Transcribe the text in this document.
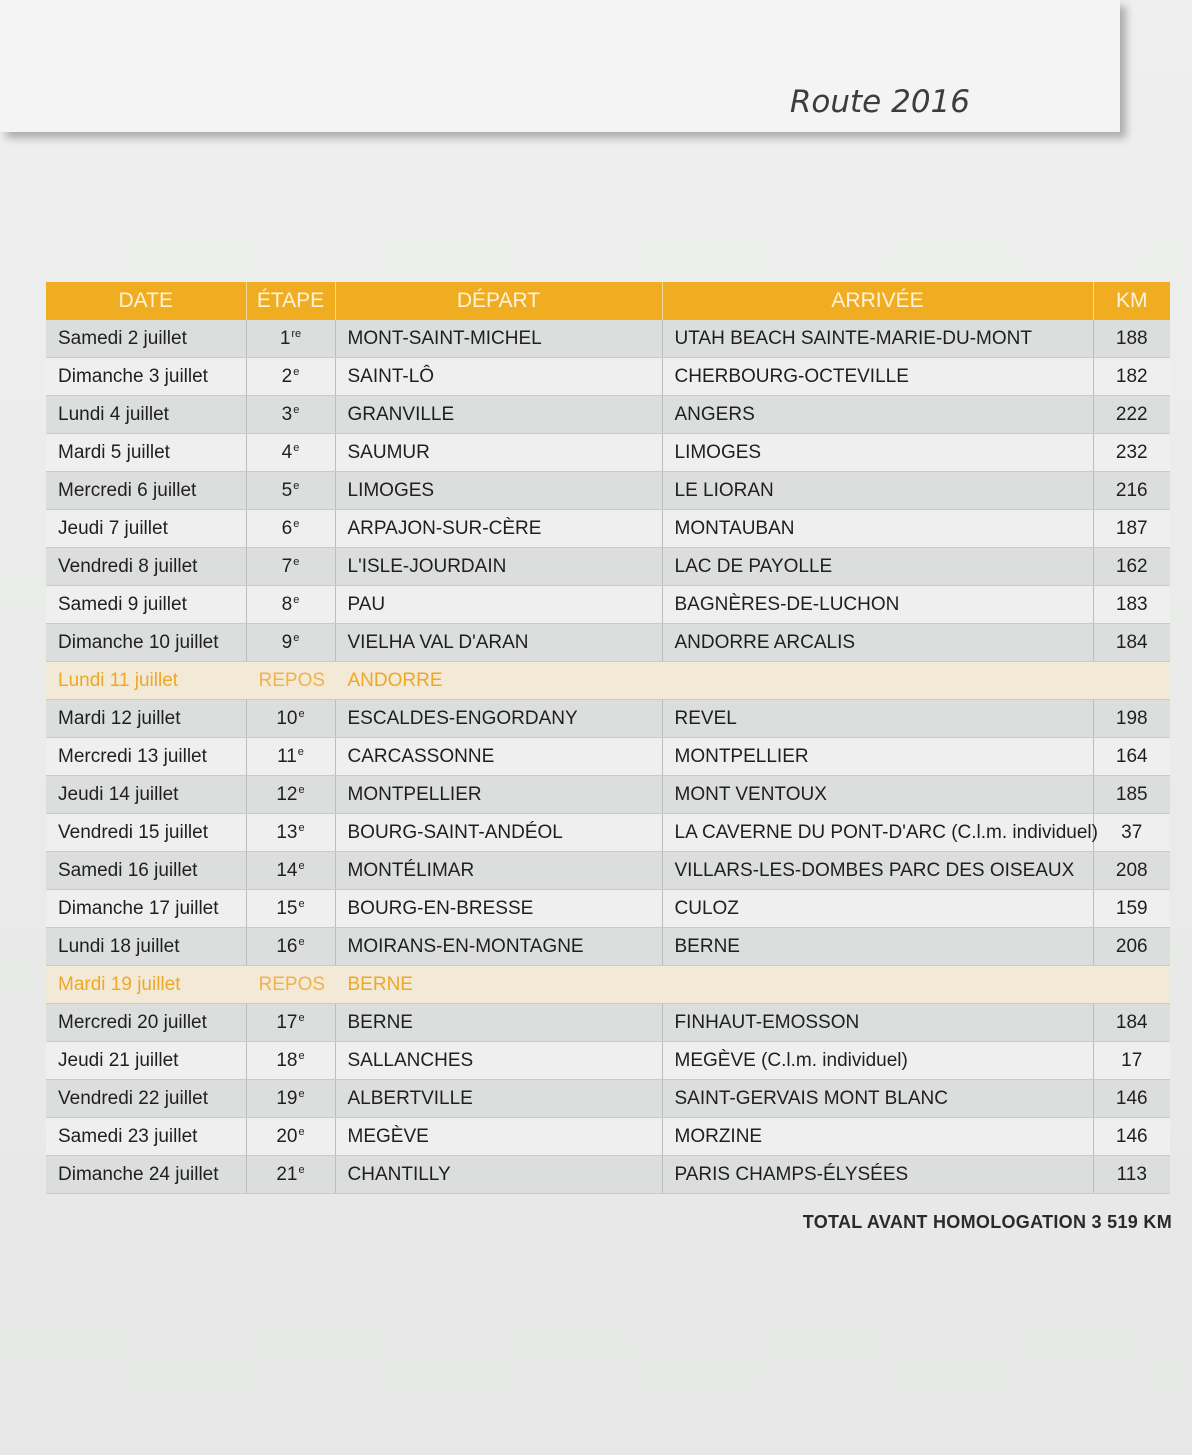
Route 2016
DATE	ÉTAPE	DÉPART	ARRIVÉE	KM
Samedi 2 juillet	1re	MONT-SAINT-MICHEL	UTAH BEACH SAINTE-MARIE-DU-MONT	188
Dimanche 3 juillet	2e	SAINT-LÔ	CHERBOURG-OCTEVILLE	182
Lundi 4 juillet	3e	GRANVILLE	ANGERS	222
Mardi 5 juillet	4e	SAUMUR	LIMOGES	232
Mercredi 6 juillet	5e	LIMOGES	LE LIORAN	216
Jeudi 7 juillet	6e	ARPAJON-SUR-CÈRE	MONTAUBAN	187
Vendredi 8 juillet	7e	L'ISLE-JOURDAIN	LAC DE PAYOLLE	162
Samedi 9 juillet	8e	PAU	BAGNÈRES-DE-LUCHON	183
Dimanche 10 juillet	9e	VIELHA VAL D'ARAN	ANDORRE ARCALIS	184
Lundi 11 juillet	REPOS	ANDORRE		
Mardi 12 juillet	10e	ESCALDES-ENGORDANY	REVEL	198
Mercredi 13 juillet	11e	CARCASSONNE	MONTPELLIER	164
Jeudi 14 juillet	12e	MONTPELLIER	MONT VENTOUX	185
Vendredi 15 juillet	13e	BOURG-SAINT-ANDÉOL	LA CAVERNE DU PONT-D'ARC (C.l.m. individuel)	37
Samedi 16 juillet	14e	MONTÉLIMAR	VILLARS-LES-DOMBES PARC DES OISEAUX	208
Dimanche 17 juillet	15e	BOURG-EN-BRESSE	CULOZ	159
Lundi 18 juillet	16e	MOIRANS-EN-MONTAGNE	BERNE	206
Mardi 19 juillet	REPOS	BERNE		
Mercredi 20 juillet	17e	BERNE	FINHAUT-EMOSSON	184
Jeudi 21 juillet	18e	SALLANCHES	MEGÈVE (C.l.m. individuel)	17
Vendredi 22 juillet	19e	ALBERTVILLE	SAINT-GERVAIS MONT BLANC	146
Samedi 23 juillet	20e	MEGÈVE	MORZINE	146
Dimanche 24 juillet	21e	CHANTILLY	PARIS CHAMPS-ÉLYSÉES	113
TOTAL AVANT HOMOLOGATION 3 519 KM
